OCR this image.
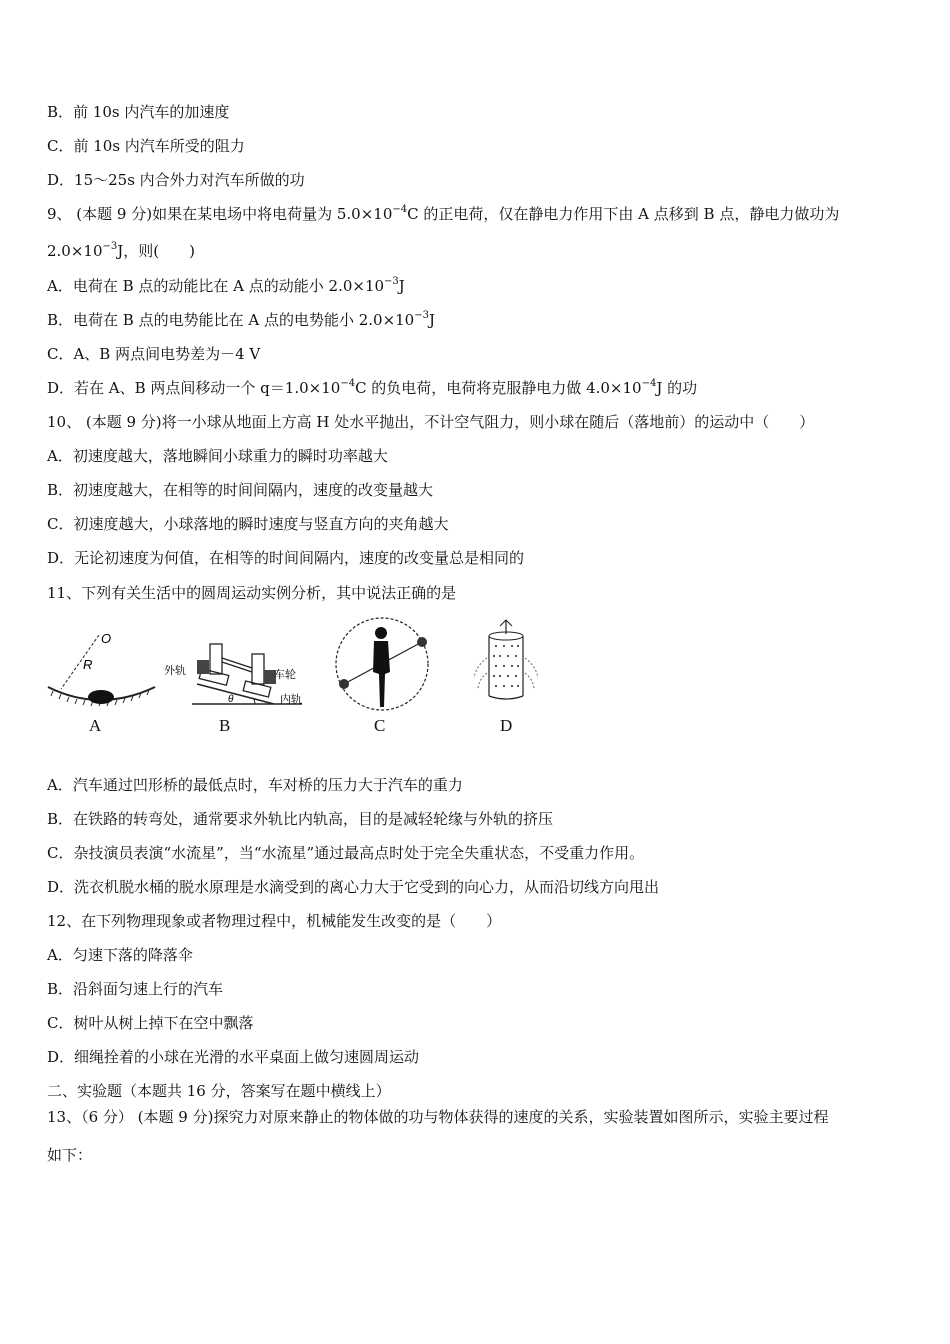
B．前 10s 内汽车的加速度
C．前 10s 内汽车所受的阻力
D．15～25s 内合外力对汽车所做的功
9、 (本题 9 分)如果在某电场中将电荷量为 $5.0\times 10^{-4}C$ 的正电荷，仅在静电力作用下由 A 点移到 B 点，静电力做功为
$2.0\times 10^{-3}J$，则(　　)
A．电荷在 B 点的动能比在 A 点的动能小 $2.0\times 10^{-3}J$
B．电荷在 B 点的电势能比在 A 点的电势能小 $2.0\times 10^{-3}J$
C．A、B 两点间电势差为－4 V
D．若在 A、B 两点间移动一个 $q=1.0\times 10^{-4}C$ 的负电荷，电荷将克服静电力做 $4.0\times 10^{-4}J$ 的功
10、 (本题 9 分)将一小球从地面上方高 H 处水平抛出，不计空气阻力，则小球在随后（落地前）的运动中（　　）
A．初速度越大，落地瞬间小球重力的瞬时功率越大
B．初速度越大，在相等的时间间隔内，速度的改变量越大
C．初速度越大，小球落地的瞬时速度与竖直方向的夹角越大
D．无论初速度为何值，在相等的时间间隔内，速度的改变量总是相同的
11、下列有关生活中的圆周运动实例分析，其中说法正确的是
O
R
A
外轨	车轮
内轨
θ
B	C	D
A．汽车通过凹形桥的最低点时，车对桥的压力大于汽车的重力
B．在铁路的转弯处，通常要求外轨比内轨高，目的是减轻轮缘与外轨的挤压
C．杂技演员表演“水流星”，当“水流星”通过最高点时处于完全失重状态，不受重力作用。
D．洗衣机脱水桶的脱水原理是水滴受到的离心力大于它受到的向心力，从而沿切线方向甩出
12、在下列物理现象或者物理过程中，机械能发生改变的是（　　）
A．匀速下落的降落伞
B．沿斜面匀速上行的汽车
C．树叶从树上掉下在空中飘落
D．细绳拴着的小球在光滑的水平桌面上做匀速圆周运动
二、实验题（本题共 16 分，答案写在题中横线上）
13、（6 分） (本题 9 分)探究力对原来静止的物体做的功与物体获得的速度的关系，实验装置如图所示，实验主要过程
如下：
